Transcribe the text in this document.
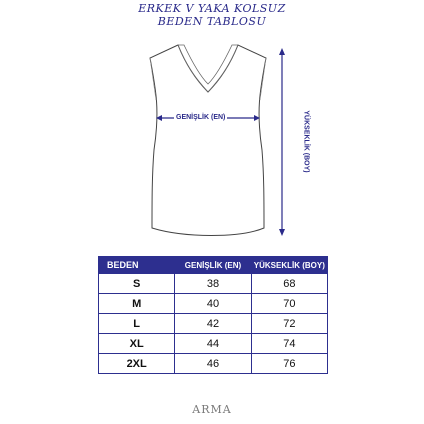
ERKEK V YAKA KOLSUZ
BEDEN TABLOSU
GENİŞLİK (EN)	YÜKSEKLİK (BOY)
BEDEN	GENİŞLİK (EN)	YÜKSEKLİK (BOY)
S	38	68
M	40	70
L	42	72
XL	44	74
2XL	46	76
ARMA
